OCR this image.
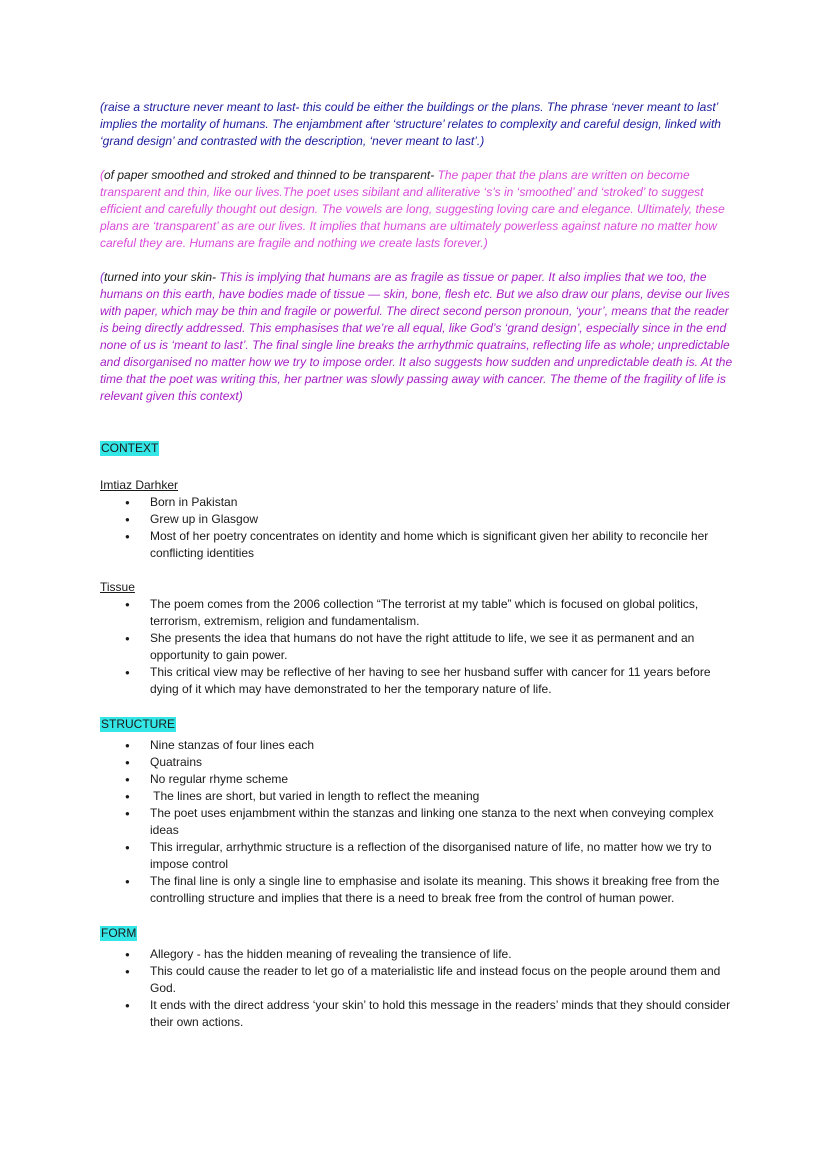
(raise a structure never meant to last- this could be either the buildings or the plans. The phrase ‘never meant to last’ implies the mortality of humans. The enjambment after ‘structure’ relates to complexity and careful design, linked with ‘grand design’ and contrasted with the description, ‘never meant to last’.)

(of paper smoothed and stroked and thinned to be transparent- The paper that the plans are written on become transparent and thin, like our lives.The poet uses sibilant and alliterative ‘s’s in ‘smoothed’ and ‘stroked’ to suggest efficient and carefully thought out design. The vowels are long, suggesting loving care and elegance. Ultimately, these plans are ‘transparent’ as are our lives. It implies that humans are ultimately powerless against nature no matter how careful they are. Humans are fragile and nothing we create lasts forever.)

(turned into your skin- This is implying that humans are as fragile as tissue or paper. It also implies that we too, the humans on this earth, have bodies made of tissue — skin, bone, flesh etc. But we also draw our plans, devise our lives with paper, which may be thin and fragile or powerful. The direct second person pronoun, ‘your’, means that the reader is being directly addressed. This emphasises that we’re all equal, like God’s ‘grand design’, especially since in the end none of us is ‘meant to last’. The final single line breaks the arrhythmic quatrains, reflecting life as whole; unpredictable and disorganised no matter how we try to impose order. It also suggests how sudden and unpredictable death is. At the time that the poet was writing this, her partner was slowly passing away with cancer. The theme of the fragility of life is relevant given this context)

CONTEXT

Imtiaz Darhker

● Born in Pakistan
● Grew up in Glasgow
● Most of her poetry concentrates on identity and home which is significant given her ability to reconcile her conflicting identities

Tissue

● The poem comes from the 2006 collection “The terrorist at my table” which is focused on global politics, terrorism, extremism, religion and fundamentalism.
● She presents the idea that humans do not have the right attitude to life, we see it as permanent and an opportunity to gain power.
● This critical view may be reflective of her having to see her husband suffer with cancer for 11 years before dying of it which may have demonstrated to her the temporary nature of life.

STRUCTURE

● Nine stanzas of four lines each
● Quatrains
● No regular rhyme scheme
●  The lines are short, but varied in length to reflect the meaning
● The poet uses enjambment within the stanzas and linking one stanza to the next when conveying complex ideas
● This irregular, arrhythmic structure is a reflection of the disorganised nature of life, no matter how we try to impose control
● The final line is only a single line to emphasise and isolate its meaning. This shows it breaking free from the controlling structure and implies that there is a need to break free from the control of human power.

FORM

● Allegory - has the hidden meaning of revealing the transience of life.
● This could cause the reader to let go of a materialistic life and instead focus on the people around them and God.
● It ends with the direct address ‘your skin’ to hold this message in the readers’ minds that they should consider their own actions.
